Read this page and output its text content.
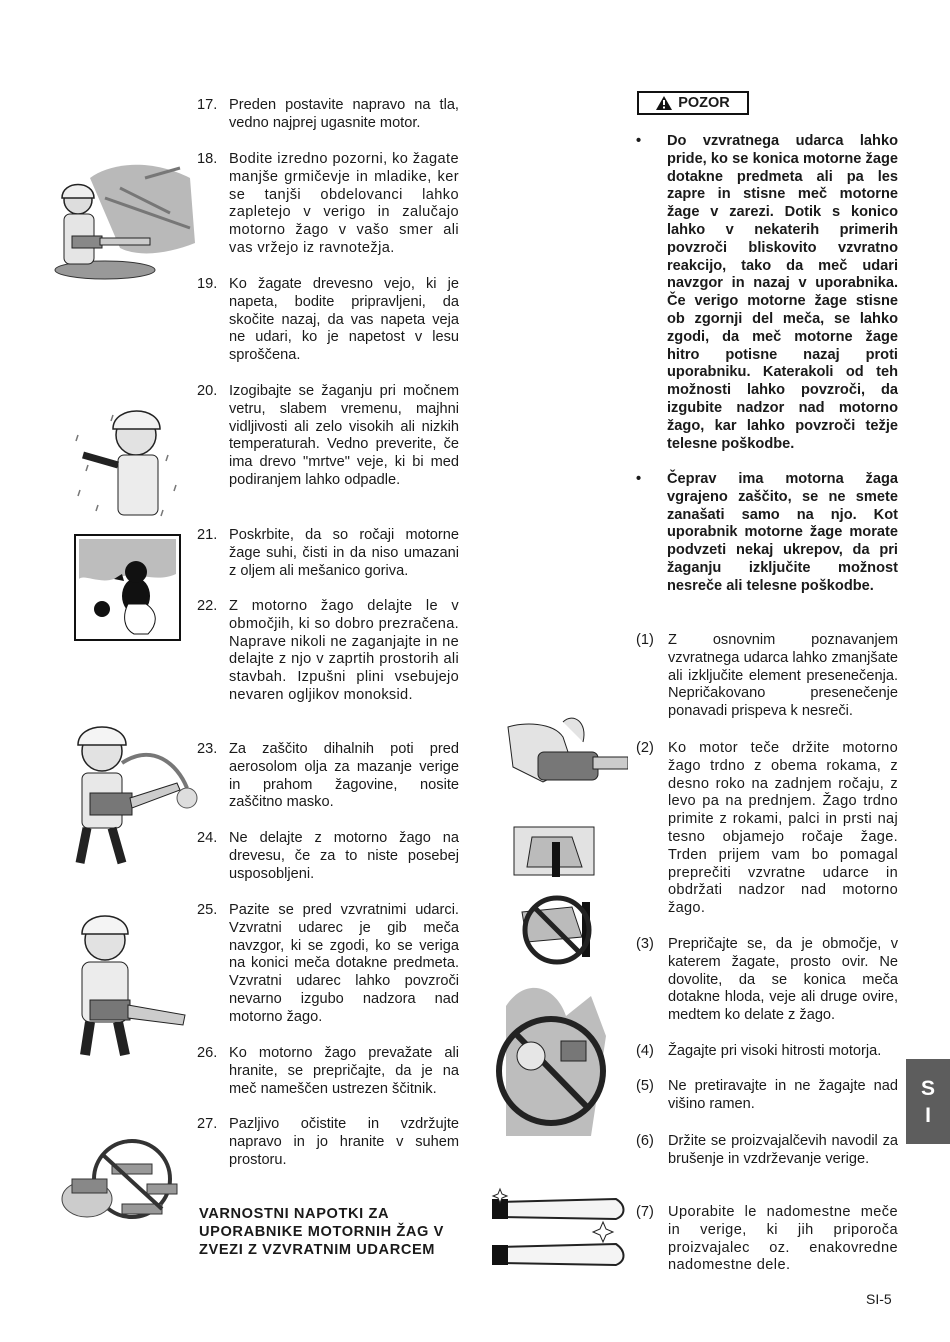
17. Preden postavite napravo na tla, vedno najprej ugasnite motor.
18. Bodite izredno pozorni, ko žagate manjše grmičevje in mladike, ker se tanjši obdelovanci lahko zapletejo v verigo in zalučajo motorno žago v vašo smer ali vas vržejo iz ravnotežja.
19. Ko žagate drevesno vejo, ki je napeta, bodite pripravljeni, da skočite nazaj, da vas napeta veja ne udari, ko je napetost v lesu sproščena.
20. Izogibajte se žaganju pri močnem vetru, slabem vremenu, majhni vidljivosti ali zelo visokih ali nizkih temperaturah. Vedno preverite, če ima drevo "mrtve" veje, ki bi med podiranjem lahko odpadle.
21. Poskrbite, da so ročaji motorne žage suhi, čisti in da niso umazani z oljem ali mešanico goriva.
22. Z motorno žago delajte le v območjih, ki so dobro prezračena. Naprave nikoli ne zaganjajte in ne delajte z njo v zaprtih prostorih ali stavbah. Izpušni plini vsebujejo nevaren ogljikov monoksid.
23. Za zaščito dihalnih poti pred aerosolom olja za mazanje verige in prahom žagovine, nosite zaščitno masko.
24. Ne delajte z motorno žago na drevesu, če za to niste posebej usposobljeni.
25. Pazite se pred vzvratnimi udarci. Vzvratni udarec je gib meča navzgor, ki se zgodi, ko se veriga na konici meča dotakne predmeta. Vzvratni udarec lahko povzroči nevarno izgubo nadzora nad motorno žago.
26. Ko motorno žago prevažate ali hranite, se prepričajte, da je na meč nameščen ustrezen ščitnik.
27. Pazljivo očistite in vzdržujte napravo in jo hranite v suhem prostoru.
VARNOSTNI NAPOTKI ZA UPORABNIKE MOTORNIH ŽAG V ZVEZI Z VZVRATNIM UDARCEM
POZOR
• Do vzvratnega udarca lahko pride, ko se konica motorne žage dotakne predmeta ali pa les zapre in stisne meč motorne žage v zarezi. Dotik s konico lahko v nekaterih primerih povzroči bliskovito vzvratno reakcijo, tako da meč udari navzgor in nazaj v uporabnika. Če verigo motorne žage stisne ob zgornji del meča, se lahko zgodi, da meč motorne žage hitro potisne nazaj proti uporabniku. Katerakoli od teh možnosti lahko povzroči, da izgubite nadzor nad motorno žago, kar lahko povzroči težje telesne poškodbe.
• Čeprav ima motorna žaga vgrajeno zaščito, se ne smete zanašati samo na njo. Kot uporabnik motorne žage morate podvzeti nekaj ukrepov, da pri žaganju izključite možnost nesreče ali telesne poškodbe.
(1) Z osnovnim poznavanjem vzvratnega udarca lahko zmanjšate ali izključite element presenečenja. Nepričakovano presenečenje ponavadi prispeva k nesreči.
(2) Ko motor teče držite motorno žago trdno z obema rokama, z desno roko na zadnjem ročaju, z levo pa na prednjem. Žago trdno primite z rokami, palci in prsti naj tesno objamejo ročaje žage. Trden prijem vam bo pomagal preprečiti vzvratne udarce in obdržati nadzor nad motorno žago.
(3) Prepričajte se, da je območje, v katerem žagate, prosto ovir. Ne dovolite, da se konica meča dotakne hloda, veje ali druge ovire, medtem ko delate z žago.
(4) Žagajte pri visoki hitrosti motorja.
(5) Ne pretiravajte in ne žagajte nad višino ramen.
(6) Držite se proizvajalčevih navodil za brušenje in vzdrževanje verige.
(7) Uporabite le nadomestne meče in verige, ki jih priporoča proizvajalec oz. enakovredne nadomestne dele.
S
I
SI-5
